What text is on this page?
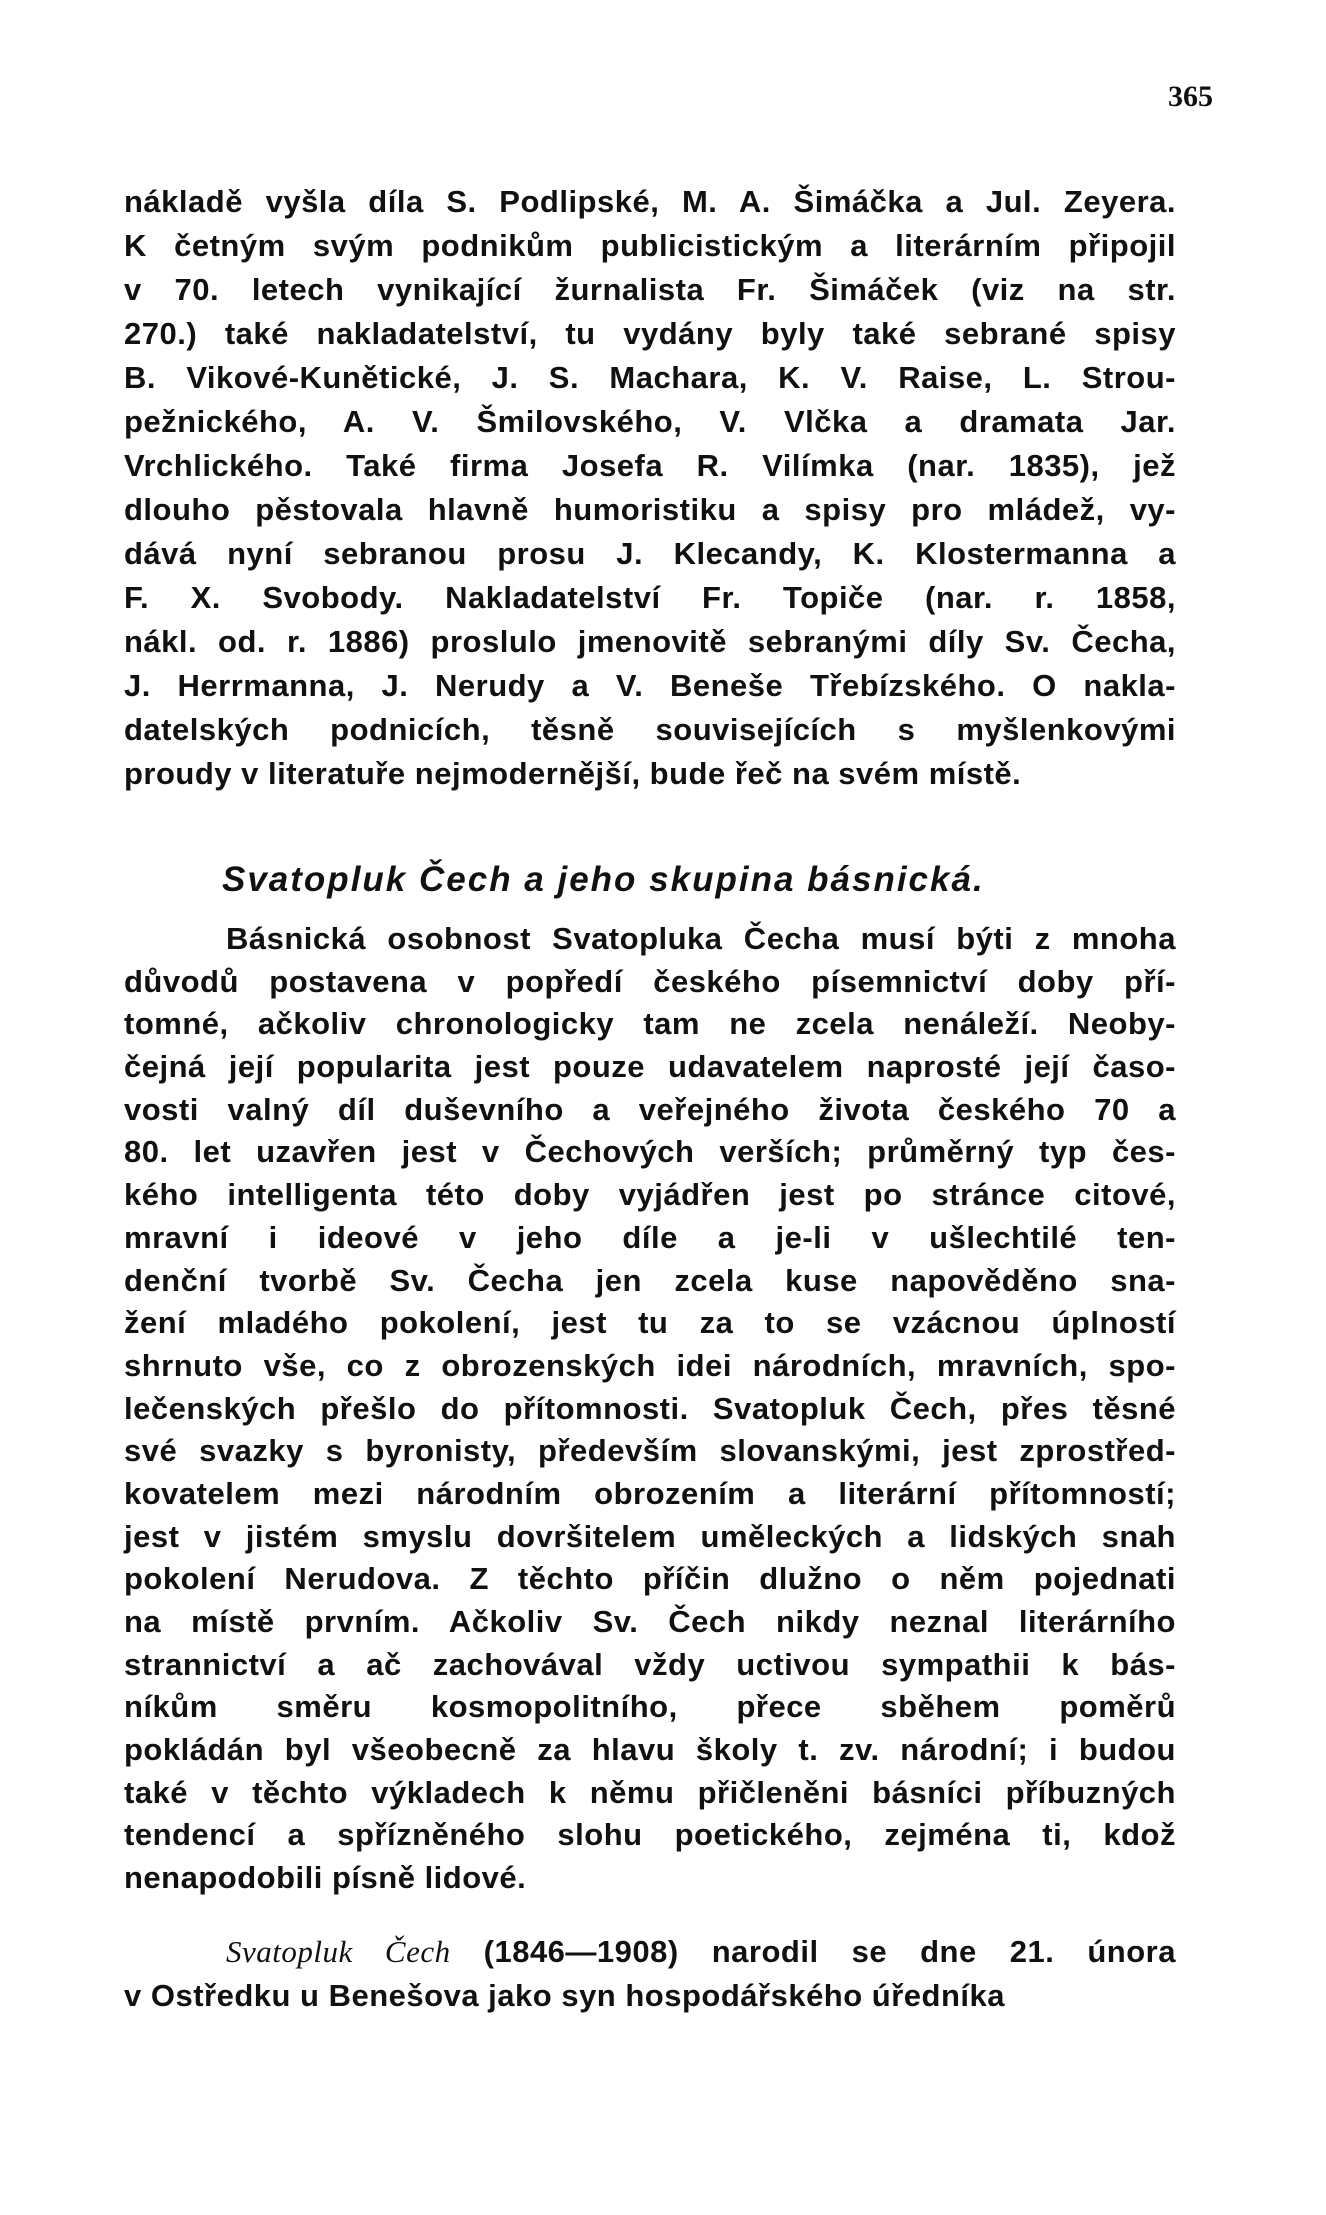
365
nákladě vyšla díla S. Podlipské, M. A. Šimáčka a Jul. Zeyera.
K četným svým podnikům publicistickým a literárním připojil
v 70. letech vynikající žurnalista Fr. Šimáček (viz na str.
270.) také nakladatelství, tu vydány byly také sebrané spisy
B. Vikové-Kunětické, J. S. Machara, K. V. Raise, L. Strou-
pežnického, A. V. Šmilovského, V. Vlčka a dramata Jar.
Vrchlického. Také firma Josefa R. Vilímka (nar. 1835), jež
dlouho pěstovala hlavně humoristiku a spisy pro mládež, vy-
dává nyní sebranou prosu J. Klecandy, K. Klostermanna a
F. X. Svobody. Nakladatelství Fr. Topiče (nar. r. 1858,
nákl. od. r. 1886) proslulo jmenovitě sebranými díly Sv. Čecha,
J. Herrmanna, J. Nerudy a V. Beneše Třebízského. O nakla-
datelských podnicích, těsně souvisejících s myšlenkovými
proudy v literatuře nejmodernější, bude řeč na svém místě.
Svatopluk Čech a jeho skupina básnická.
Básnická osobnost Svatopluka Čecha musí býti z mnoha
důvodů postavena v popředí českého písemnictví doby pří-
tomné, ačkoliv chronologicky tam ne zcela nenáleží. Neoby-
čejná její popularita jest pouze udavatelem naprosté její časo-
vosti valný díl duševního a veřejného života českého 70 a
80. let uzavřen jest v Čechových verších; průměrný typ čes-
kého intelligenta této doby vyjádřen jest po stránce citové,
mravní i ideové v jeho díle a je-li v ušlechtilé ten-
denční tvorbě Sv. Čecha jen zcela kuse napověděno sna-
žení mladého pokolení, jest tu za to se vzácnou úplností
shrnuto vše, co z obrozenských idei národních, mravních, spo-
lečenských přešlo do přítomnosti. Svatopluk Čech, přes těsné
své svazky s byronisty, především slovanskými, jest zprostřed-
kovatelem mezi národním obrozením a literární přítomností;
jest v jistém smyslu dovršitelem uměleckých a lidských snah
pokolení Nerudova. Z těchto příčin dlužno o něm pojednati
na místě prvním. Ačkoliv Sv. Čech nikdy neznal literárního
strannictví a ač zachovával vždy uctivou sympathii k bás-
níkům směru kosmopolitního, přece sběhem poměrů
pokládán byl všeobecně za hlavu školy t. zv. národní; i budou
také v těchto výkladech k němu přičleněni básníci příbuzných
tendencí a spřízněného slohu poetického, zejména ti, kdož
nenapodobili písně lidové.
Svatopluk Čech (1846—1908) narodil se dne 21. února
v Ostředku u Benešova jako syn hospodářského úředníka
